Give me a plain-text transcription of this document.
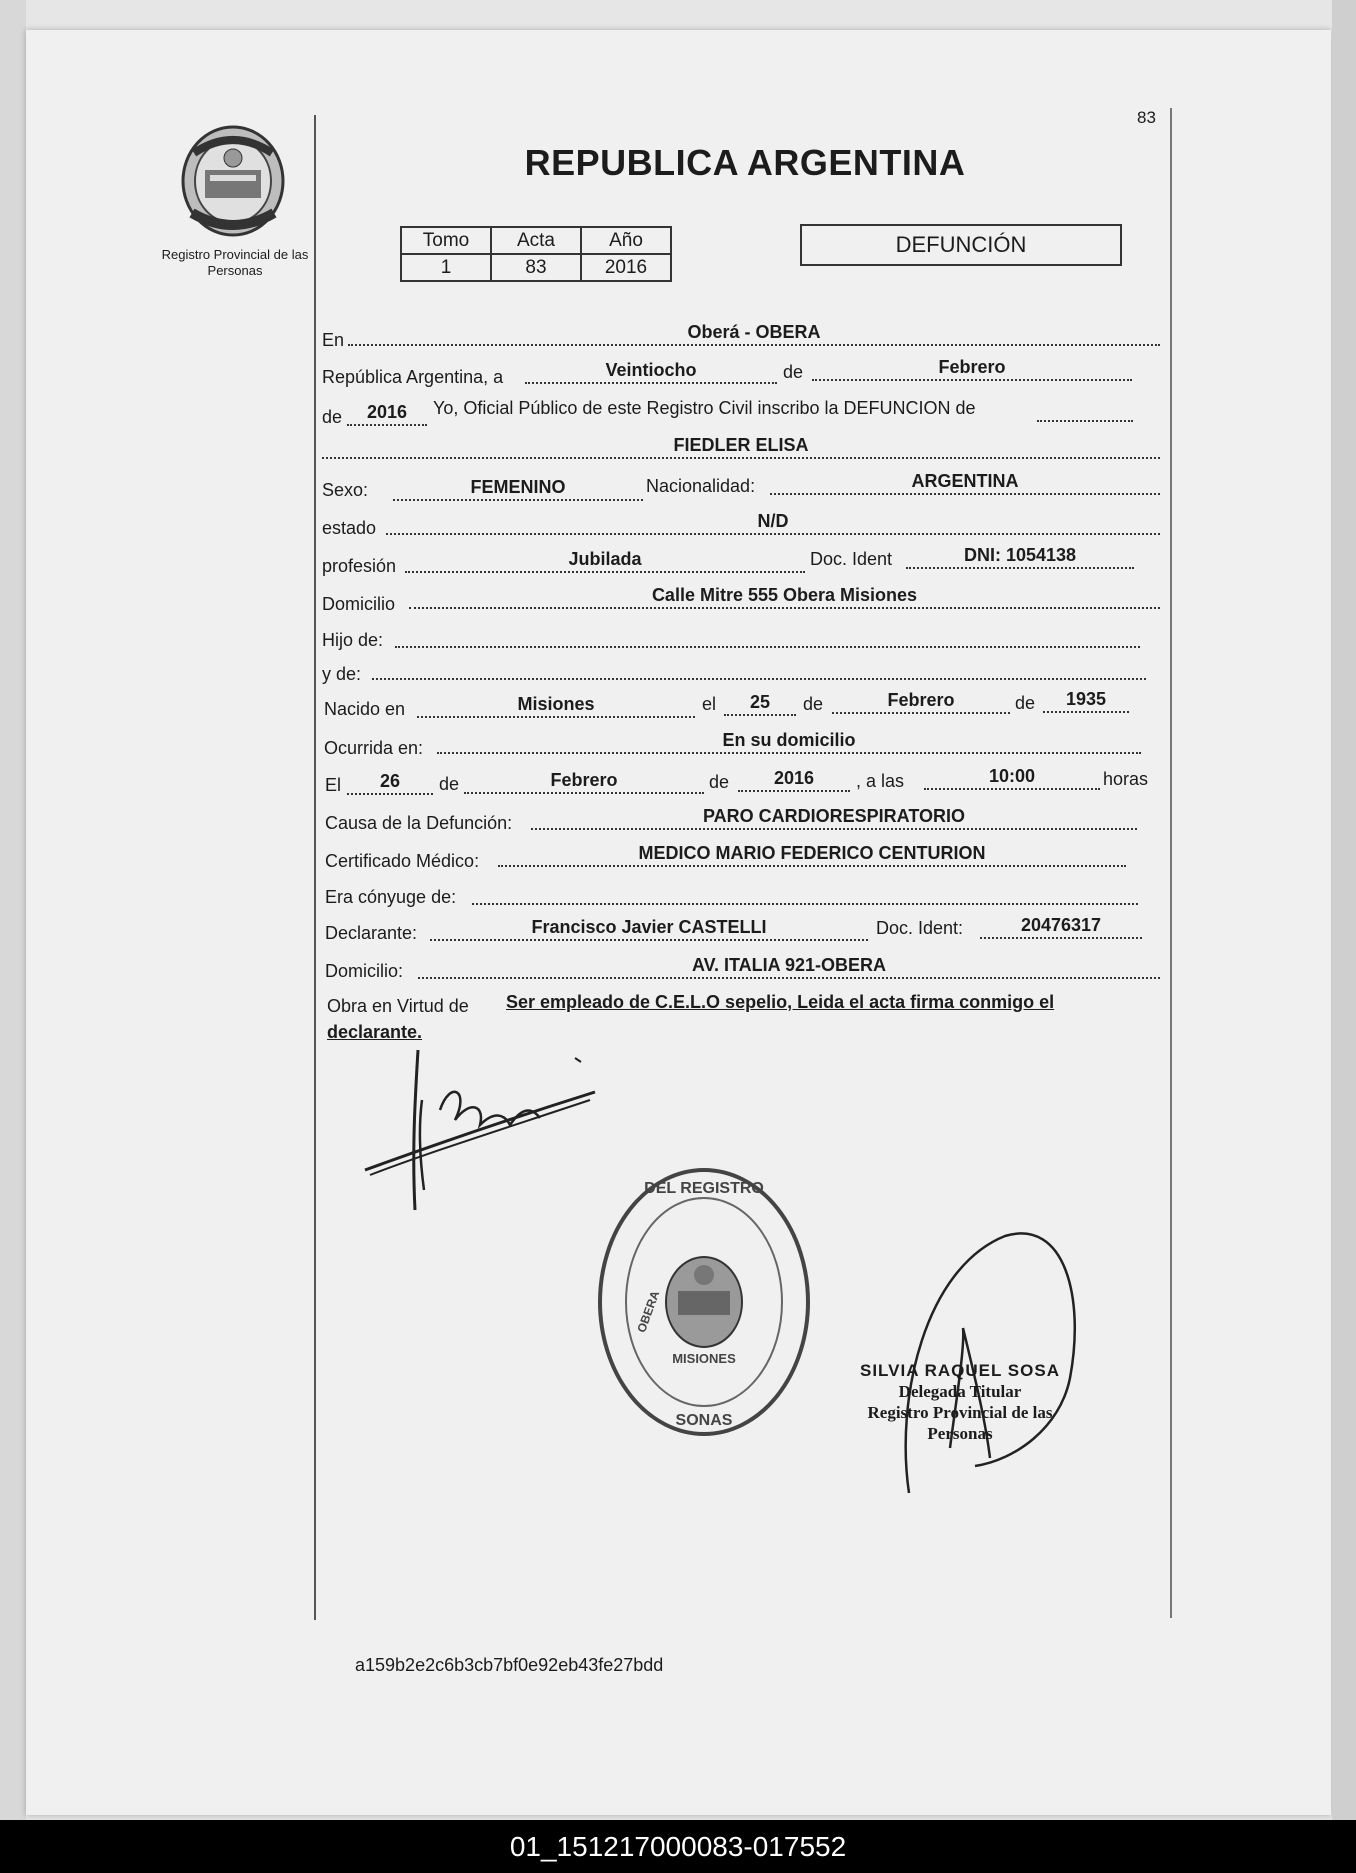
83
Registro Provincial de las Personas
REPUBLICA ARGENTINA
Tomo	Acta	Año
1	83	2016
DEFUNCIÓN
En	Oberá - OBERA
República Argentina, a	Veintiocho	de	Febrero
de	2016	Yo, Oficial Público de este Registro Civil inscribo la DEFUNCION de
FIEDLER ELISA
Sexo:	FEMENINO	Nacionalidad:	ARGENTINA
estado	N/D
profesión	Jubilada	Doc. Ident	DNI: 1054138
Domicilio	Calle Mitre 555 Obera Misiones
Hijo de:
y de:
Nacido en	Misiones	el	25	de	Febrero	de	1935
Ocurrida en:	En su domicilio
El	26	de	Febrero	de	2016	, a las	10:00	horas
Causa de la Defunción:	PARO CARDIORESPIRATORIO
Certificado Médico:	MEDICO MARIO FEDERICO CENTURION
Era cónyuge de:
Declarante:	Francisco Javier CASTELLI	Doc. Ident:	20476317
Domicilio:	AV. ITALIA 921-OBERA
Obra en Virtud de Ser empleado de C.E.L.O sepelio, Leida el acta firma conmigo el
declarante.
DEL REGISTRO
SONAS
MISIONES
OBERA
SILVIA RAQUEL SOSA
Delegada Titular
Registro Provincial de las Personas
a159b2e2c6b3cb7bf0e92eb43fe27bdd
01_151217000083-017552
